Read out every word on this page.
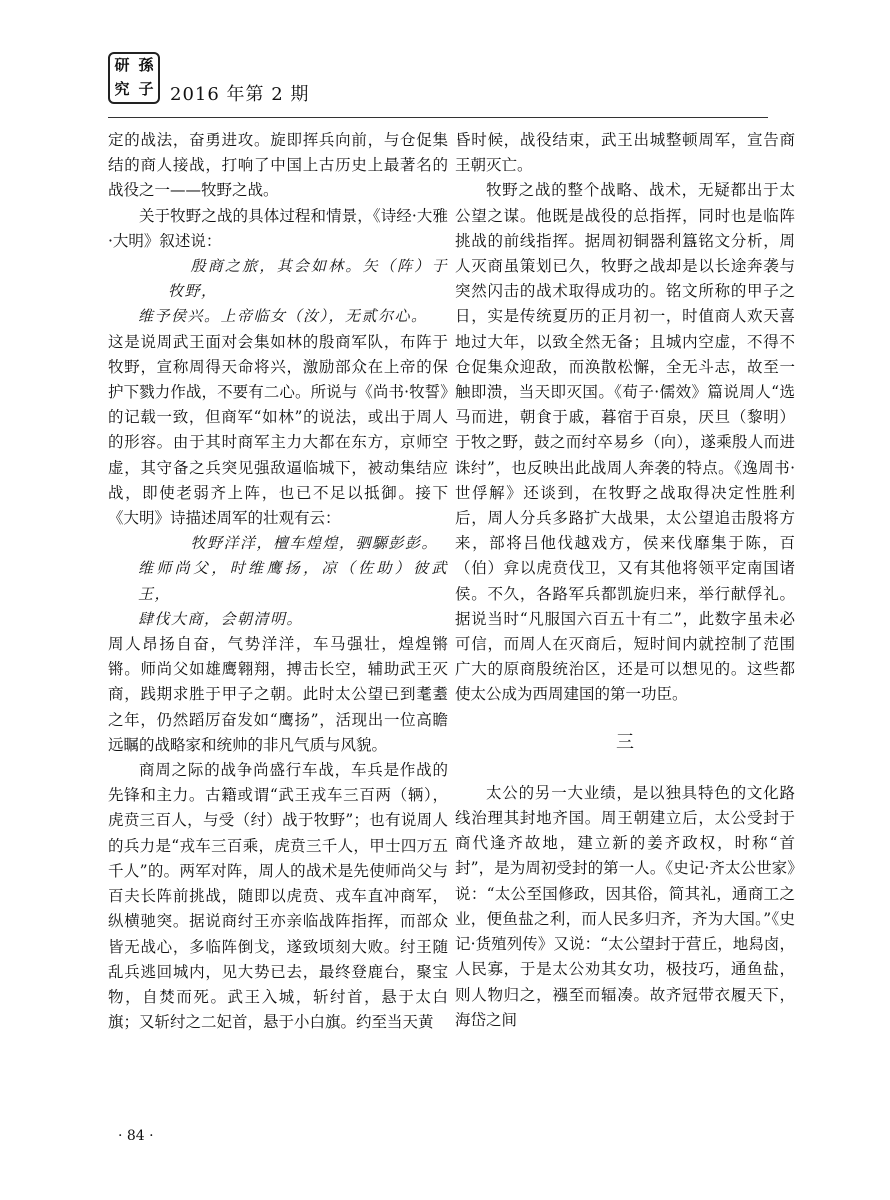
研 孫
究 子 2016 年第 2 期

定的战法，奋勇进攻。旋即挥兵向前，与仓促集结的商人接战，打响了中国上古历史上最著名的战役之一——牧野之战。

关于牧野之战的具体过程和情景，《诗经·大雅·大明》叙述说：

殷商之旅，其会如林。矢（阵）于牧野，

维予侯兴。上帝临女（汝），无贰尔心。

这是说周武王面对会集如林的殷商军队，布阵于牧野，宣称周得天命将兴，激励部众在上帝的保护下戮力作战，不要有二心。所说与《尚书·牧誓》的记载一致，但商军“如林”的说法，或出于周人的形容。由于其时商军主力大都在东方，京师空虚，其守备之兵突见强敌逼临城下，被动集结应战，即使老弱齐上阵，也已不足以抵御。接下《大明》诗描述周军的壮观有云：

牧野洋洋，檀车煌煌，驷騵彭彭。

维师尚父，时维鹰扬，凉（佐助）彼武王，

肆伐大商，会朝清明。

周人昂扬自奋，气势洋洋，车马强壮，煌煌锵锵。师尚父如雄鹰翱翔，搏击长空，辅助武王灭商，践期求胜于甲子之朝。此时太公望已到耄耋之年，仍然蹈厉奋发如“鹰扬”，活现出一位高瞻远瞩的战略家和统帅的非凡气质与风貌。

商周之际的战争尚盛行车战，车兵是作战的先锋和主力。古籍或谓“武王戎车三百两（辆），虎贲三百人，与受（纣）战于牧野”；也有说周人的兵力是“戎车三百乘，虎贲三千人，甲士四万五千人”的。两军对阵，周人的战术是先使师尚父与百夫长阵前挑战，随即以虎贲、戎车直冲商军，纵横驰突。据说商纣王亦亲临战阵指挥，而部众皆无战心，多临阵倒戈，遂致顷刻大败。纣王随乱兵逃回城内，见大势已去，最终登鹿台，聚宝物，自焚而死。武王入城，斩纣首，悬于太白旗；又斩纣之二妃首，悬于小白旗。约至当天黄

昏时候，战役结束，武王出城整顿周军，宣告商王朝灭亡。

牧野之战的整个战略、战术，无疑都出于太公望之谋。他既是战役的总指挥，同时也是临阵挑战的前线指挥。据周初铜器利簋铭文分析，周人灭商虽策划已久，牧野之战却是以长途奔袭与突然闪击的战术取得成功的。铭文所称的甲子之日，实是传统夏历的正月初一，时值商人欢天喜地过大年，以致全然无备；且城内空虚，不得不仓促集众迎敌，而涣散松懈，全无斗志，故至一触即溃，当天即灭国。《荀子·儒效》篇说周人“选马而进，朝食于戚，暮宿于百泉，厌旦（黎明）于牧之野，鼓之而纣卒易乡（向），遂乘殷人而进诛纣”，也反映出此战周人奔袭的特点。《逸周书·世俘解》还谈到，在牧野之战取得决定性胜利后，周人分兵多路扩大战果，太公望追击殷将方来，部将吕他伐越戏方，侯来伐靡集于陈，百（伯）弇以虎贲伐卫，又有其他将领平定南国诸侯。不久，各路军兵都凯旋归来，举行献俘礼。据说当时“凡服国六百五十有二”，此数字虽未必可信，而周人在灭商后，短时间内就控制了范围广大的原商殷统治区，还是可以想见的。这些都使太公成为西周建国的第一功臣。

三

太公的另一大业绩，是以独具特色的文化路线治理其封地齐国。周王朝建立后，太公受封于商代逢齐故地，建立新的姜齐政权，时称“首封”，是为周初受封的第一人。《史记·齐太公世家》说：“太公至国修政，因其俗，简其礼，通商工之业，便鱼盐之利，而人民多归齐，齐为大国。”《史记·货殖列传》又说：“太公望封于营丘，地舄卤，人民寡，于是太公劝其女功，极技巧，通鱼盐，则人物归之，襁至而辐凑。故齐冠带衣履天下，海岱之间

· 84 ·
